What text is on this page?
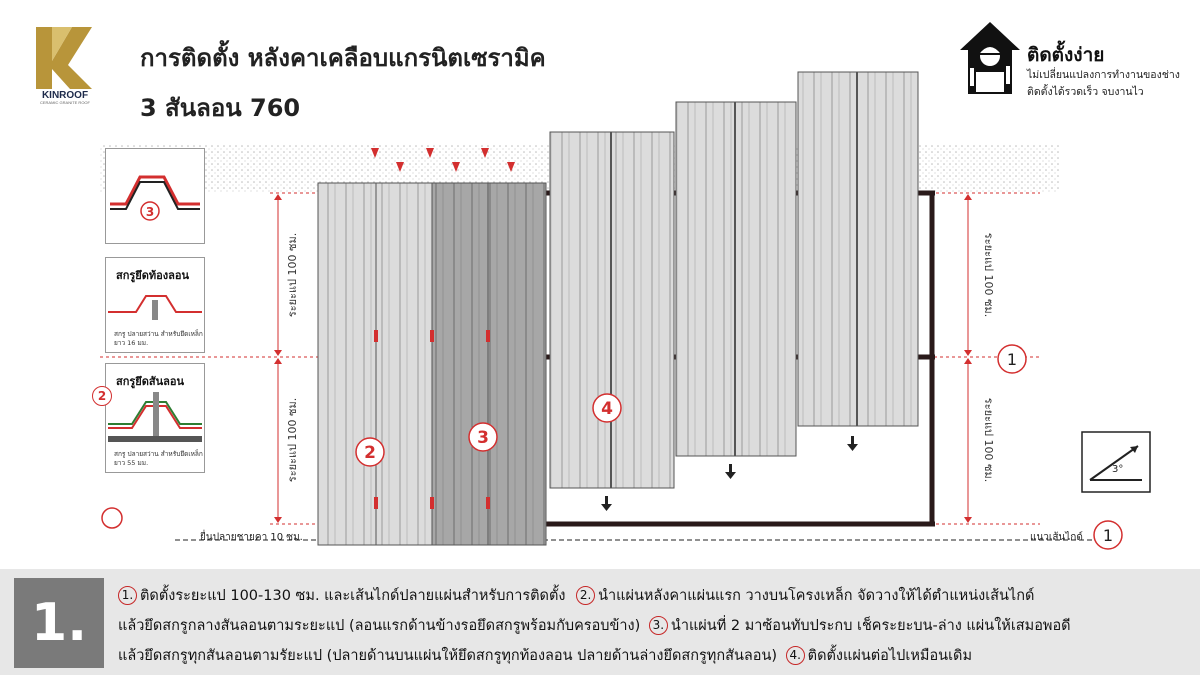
KINROOF
CERAMIC GRANITE ROOF
การติดตั้ง หลังคาเคลือบแกรนิตเซรามิค
3 สันลอน 760
ติดตั้งง่าย
ไม่เปลี่ยนแปลงการทำงานของช่าง
ติดตั้งได้รวดเร็ว จบงานไว
2
3
4
1
1
ระยะแป 100 ซม.
ระยะแป 100 ซม.
ระยะแป 100 ซม.
ระยะแป 100 ซม.	3°
3
สกรูยึดท้องลอน
สกรู ปลายสว่าน สำหรับยึดเหล็ก ยาว 16 มม.
สกรูยึดสันลอน
สกรู ปลายสว่าน สำหรับยึดเหล็ก ยาว 55 มม.
2
ยื่นปลายชายคา 10 ซม.	แนวเส้นไกด์
1.	1. ติดตั้งระยะแป 100-130 ซม. และเส้นไกด์ปลายแผ่นสำหรับการติดตั้ง 2. นำแผ่นหลังคาแผ่นแรก วางบนโครงเหล็ก จัดวางให้ได้ตำแหน่งเส้นไกด์
แล้วยึดสกรูกลางสันลอนตามระยะแป (ลอนแรกด้านข้างรอยึดสกรูพร้อมกับครอบข้าง) 3. นำแผ่นที่ 2 มาซ้อนทับประกบ เช็คระยะบน-ล่าง แผ่นให้เสมอพอดี
แล้วยึดสกรูทุกสันลอนตามรัยะแป (ปลายด้านบนแผ่นให้ยึดสกรูทุกท้องลอน ปลายด้านล่างยึดสกรูทุกสันลอน) 4. ติดตั้งแผ่นต่อไปเหมือนเดิม
